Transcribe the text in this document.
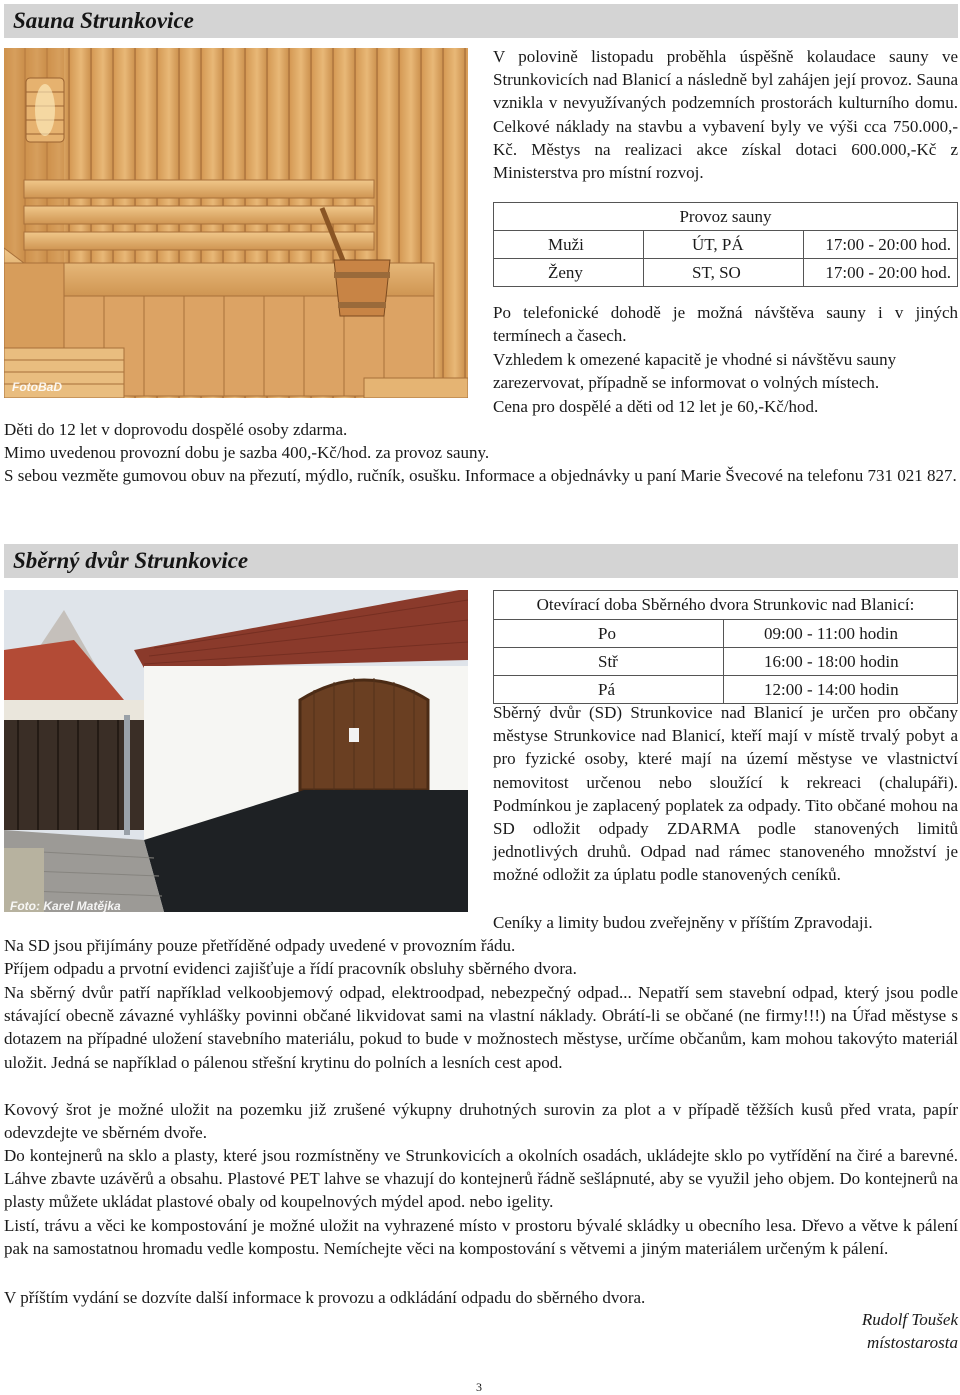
Sauna Strunkovice
FotoBaD
V polovině listopadu proběhla úspěšně kolaudace sauny ve Strunkovicích nad Blanicí a následně byl zahájen její provoz. Sauna vznikla v nevyužívaných podzemních prostorách kulturního domu. Celkové náklady na stavbu a vybavení byly ve výši cca 750.000,-Kč. Městys na realizaci akce získal dotaci 600.000,-Kč z Ministerstva pro místní rozvoj.
Provoz sauny		
Muži	ÚT, PÁ	17:00 - 20:00 hod.
Ženy	ST, SO	17:00 - 20:00 hod.
Po telefonické dohodě je možná návštěva sauny i v jiných termínech a časech.
Vzhledem k omezené kapacitě je vhodné si návštěvu sauny zarezervovat, případně se informovat o volných místech.
Cena pro dospělé a děti od 12 let je 60,-Kč/hod.
Děti do 12 let v doprovodu dospělé osoby zdarma.
Mimo uvedenou provozní dobu je sazba 400,-Kč/hod. za provoz sauny.
S sebou vezměte gumovou obuv na přezutí, mýdlo, ručník, osušku. Informace a objednávky u paní Marie Švecové na telefonu 731 021 827.
Sběrný dvůr Strunkovice
Foto: Karel Matějka
Otevírací doba Sběrného dvora Strunkovic nad Blanicí:	
Po	09:00 - 11:00 hodin
Stř	16:00 - 18:00 hodin
Pá	12:00 - 14:00 hodin
Sběrný dvůr (SD) Strunkovice nad Blanicí je určen pro občany městyse Strunkovice nad Blanicí, kteří mají v místě trvalý pobyt a pro fyzické osoby, které mají na území městyse ve vlastnictví nemovitost určenou nebo sloužící k rekreaci (chalupáři). Podmínkou je zaplacený poplatek za odpady. Tito občané mohou na SD odložit odpady ZDARMA podle stanovených limitů jednotlivých druhů. Odpad nad rámec stanoveného množství je možné odložit za úplatu podle stanovených ceníků.
Ceníky a limity budou zveřejněny v příštím Zpravodaji.
Na SD jsou přijímány pouze přetříděné odpady uvedené v provozním řádu.
Příjem odpadu a prvotní evidenci zajišťuje a řídí pracovník obsluhy sběrného dvora.
Na sběrný dvůr patří například velkoobjemový odpad, elektroodpad, nebezpečný odpad... Nepatří sem stavební odpad, který jsou podle stávající obecně závazné vyhlášky povinni občané likvidovat sami na vlastní náklady. Obrátí-li se občané (ne firmy!!!) na Úřad městyse s dotazem na případné uložení stavebního materiálu, pokud to bude v možnostech městyse, určíme občanům, kam mohou takovýto materiál uložit. Jedná se například o pálenou střešní krytinu do polních a lesních cest apod.
Kovový šrot je možné uložit na pozemku již zrušené výkupny druhotných surovin za plot a v případě těžších kusů před vrata, papír odevzdejte ve sběrném dvoře.
Do kontejnerů na sklo a plasty, které jsou rozmístněny ve Strunkovicích a okolních osadách, ukládejte sklo po vytřídění na čiré a barevné. Láhve zbavte uzávěrů a obsahu. Plastové PET lahve se vhazují do kontejnerů řádně sešlápnuté, aby se využil jeho objem. Do kontejnerů na plasty můžete ukládat plastové obaly od koupelnových mýdel apod. nebo igelity.
Listí, trávu a věci ke kompostování je možné uložit na vyhrazené místo v prostoru bývalé skládky u obecního lesa. Dřevo a větve k pálení pak na samostatnou hromadu vedle kompostu. Nemíchejte věci na kompostování s větvemi a jiným materiálem určeným k pálení.
V příštím vydání se dozvíte další informace k provozu a odkládání odpadu do sběrného dvora.
Rudolf Toušek
místostarosta
3
